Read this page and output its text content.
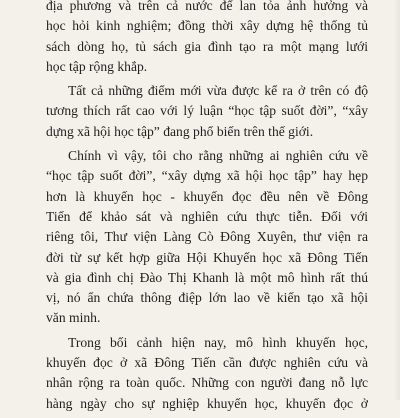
địa phương và trên cả nước để lan tỏa ảnh hưởng và
học hỏi kinh nghiệm; đồng thời xây dựng hệ thống tủ
sách dòng họ, tủ sách gia đình tạo ra một mạng lưới
học tập rộng khắp.
Tất cả những điểm mới vừa được kể ra ở trên có độ
tương thích rất cao với lý luận “học tập suốt đời”, “xây
dựng xã hội học tập” đang phổ biến trên thế giới.
Chính vì vậy, tôi cho rằng những ai nghiên cứu về
“học tập suốt đời”, “xây dựng xã hội học tập” hay hẹp
hơn là khuyến học - khuyến đọc đều nên về Đông
Tiến để khảo sát và nghiên cứu thực tiễn. Đối với
riêng tôi, Thư viện Làng Cò Đông Xuyên, thư viện ra
đời từ sự kết hợp giữa Hội Khuyến học xã Đông Tiến
và gia đình chị Đào Thị Khanh là một mô hình rất thú
vị, nó ẩn chứa thông điệp lớn lao về kiến tạo xã hội
văn minh.
Trong bối cảnh hiện nay, mô hình khuyến học,
khuyến đọc ở xã Đông Tiến cần được nghiên cứu và
nhân rộng ra toàn quốc. Những con người đang nỗ lực
hàng ngày cho sự nghiệp khuyến học, khuyến đọc ở
